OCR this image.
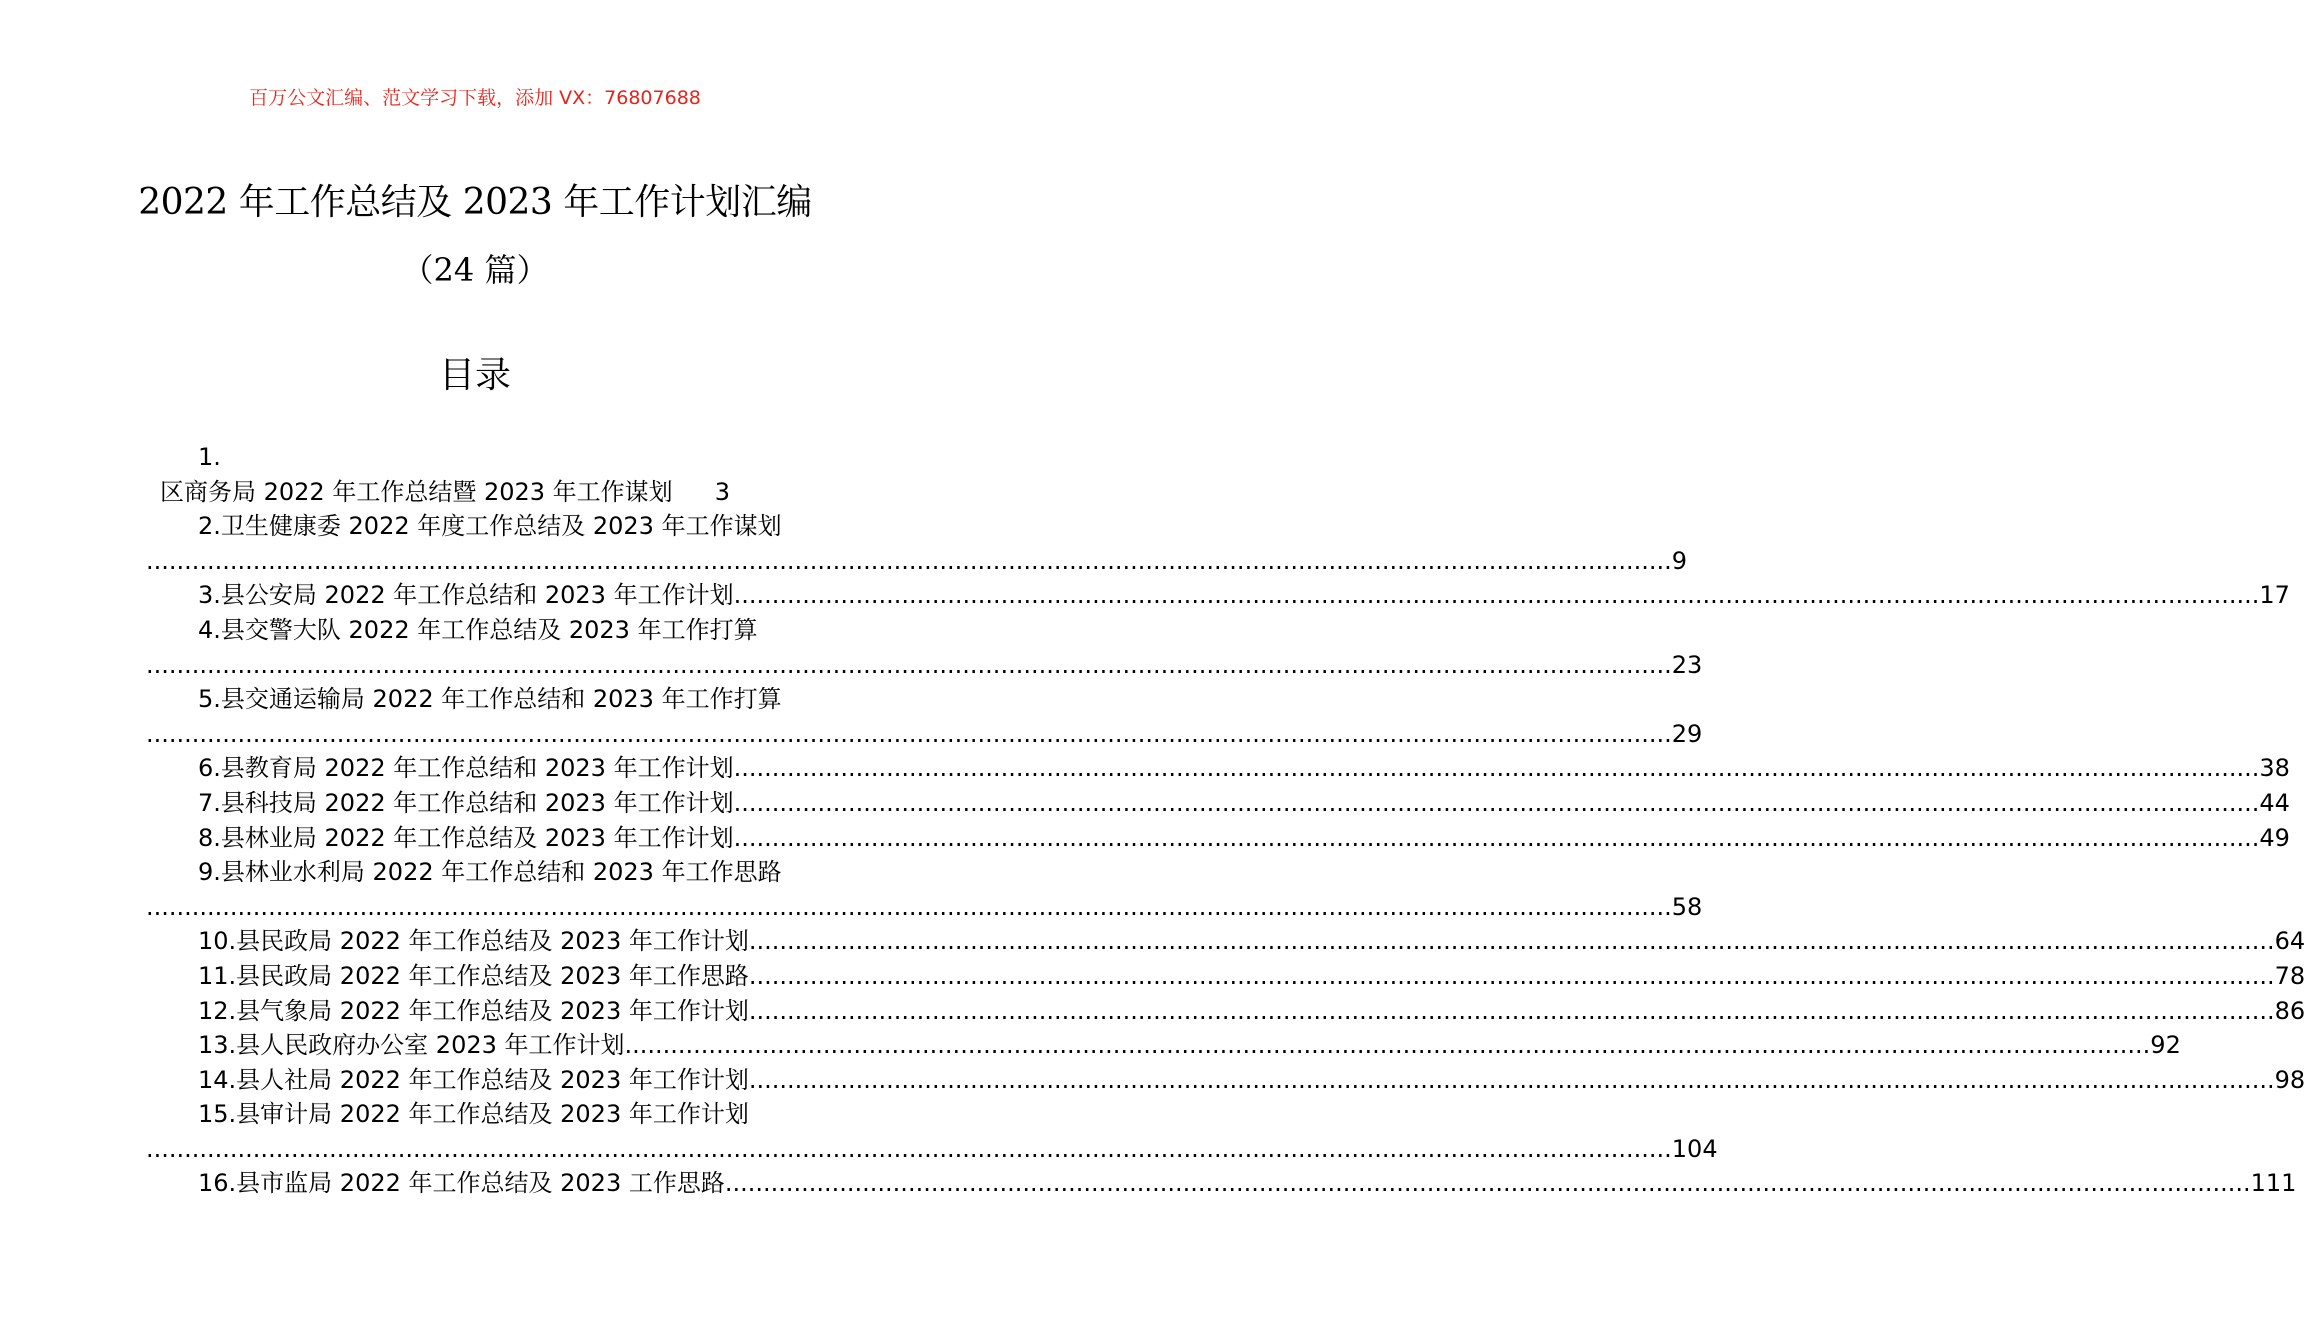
百万公文汇编、范文学习下载，添加 VX：76807688
2022 年工作总结及 2023 年工作计划汇编
（24 篇）
目录
1.
区商务局 2022 年工作总结暨 2023 年工作谋划 3
2.卫生健康委 2022 年度工作总结及 2023 年工作谋划
........................................................................................................................................................................................................ 9
3.县公安局 2022 年工作总结和 2023 年工作计划 ........................................................................................................................................................................................................ 17
4.县交警大队 2022 年工作总结及 2023 年工作打算
........................................................................................................................................................................................................ 23
5.县交通运输局 2022 年工作总结和 2023 年工作打算
........................................................................................................................................................................................................ 29
6.县教育局 2022 年工作总结和 2023 年工作计划 ........................................................................................................................................................................................................ 38
7.县科技局 2022 年工作总结和 2023 年工作计划 ........................................................................................................................................................................................................ 44
8.县林业局 2022 年工作总结及 2023 年工作计划 ........................................................................................................................................................................................................ 49
9.县林业水利局 2022 年工作总结和 2023 年工作思路
........................................................................................................................................................................................................ 58
10.县民政局 2022 年工作总结及 2023 年工作计划 ........................................................................................................................................................................................................ 64
11.县民政局 2022 年工作总结及 2023 年工作思路 ........................................................................................................................................................................................................ 78
12.县气象局 2022 年工作总结及 2023 年工作计划 ........................................................................................................................................................................................................ 86
13.县人民政府办公室 2023 年工作计划 ........................................................................................................................................................................................................ 92
14.县人社局 2022 年工作总结及 2023 年工作计划 ........................................................................................................................................................................................................ 98
15.县审计局 2022 年工作总结及 2023 年工作计划
........................................................................................................................................................................................................ 104
16.县市监局 2022 年工作总结及 2023 工作思路 ........................................................................................................................................................................................................ 111
